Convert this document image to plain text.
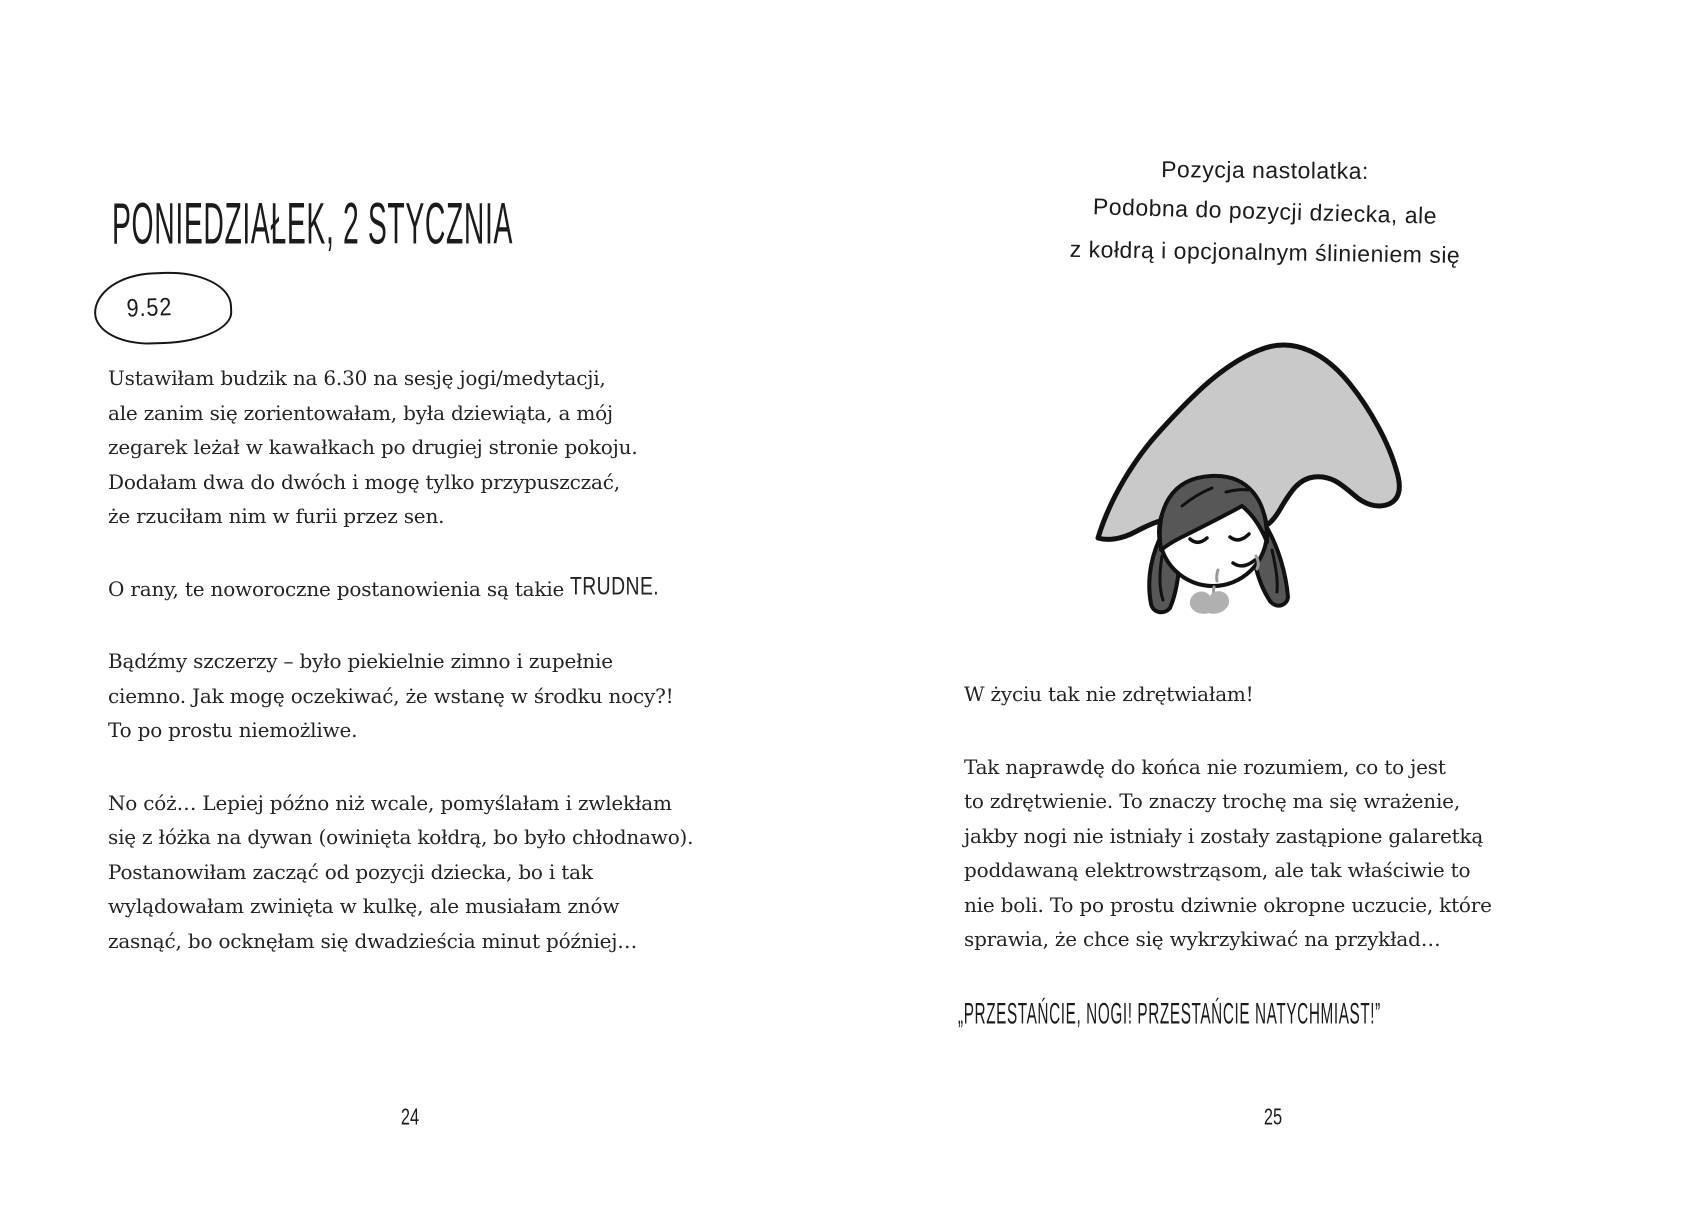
PONIEDZIAŁEK, 2 STYCZNIA
9.52

Ustawiłam budzik na 6.30 na sesję jogi/medytacji,
ale zanim się zorientowałam, była dziewiąta, a mój
zegarek leżał w kawałkach po drugiej stronie pokoju.
Dodałam dwa do dwóch i mogę tylko przypuszczać,
że rzuciłam nim w furii przez sen.

O rany, te noworoczne postanowienia są takie TRUDNE.

Bądźmy szczerzy – było piekielnie zimno i zupełnie
ciemno. Jak mogę oczekiwać, że wstanę w środku nocy?!
To po prostu niemożliwe.

No cóż… Lepiej późno niż wcale, pomyślałam i zwlekłam
się z łóżka na dywan (owinięta kołdrą, bo było chłodnawo).
Postanowiłam zacząć od pozycji dziecka, bo i tak
wylądowałam zwinięta w kulkę, ale musiałam znów
zasnąć, bo ocknęłam się dwadzieścia minut później…

24
Pozycja nastolatka:
Podobna do pozycji dziecka, ale
z kołdrą i opcjonalnym ślinieniem się

W życiu tak nie zdrętwiałam!

Tak naprawdę do końca nie rozumiem, co to jest
to zdrętwienie. To znaczy trochę ma się wrażenie,
jakby nogi nie istniały i zostały zastąpione galaretką
poddawaną elektrowstrząsom, ale tak właściwie to
nie boli. To po prostu dziwnie okropne uczucie, które
sprawia, że chce się wykrzykiwać na przykład…

„PRZESTAŃCIE, NOGI! PRZESTAŃCIE NATYCHMIAST!”
25
